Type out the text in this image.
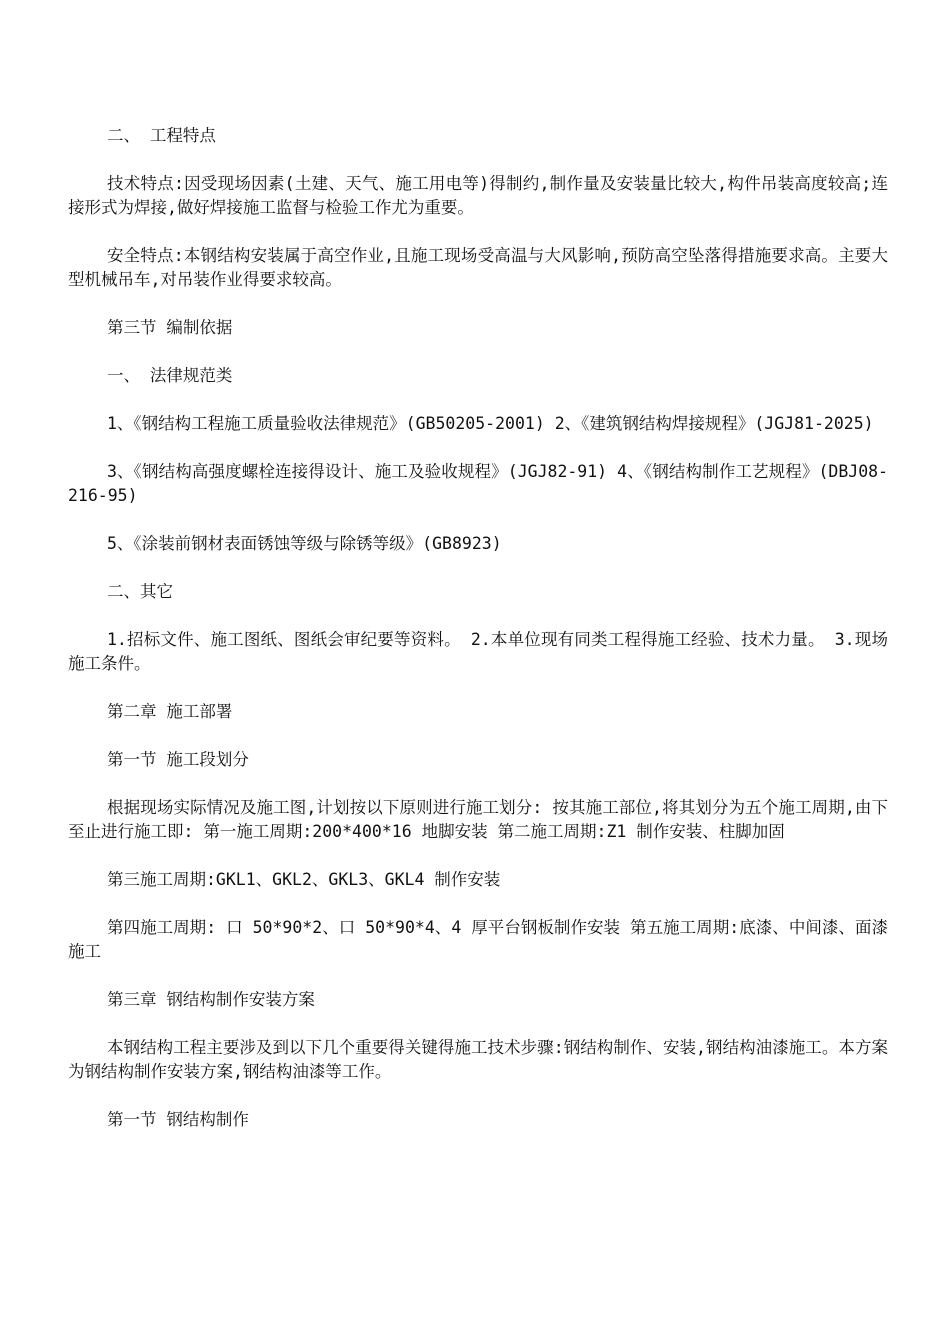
二、 工程特点

技术特点:因受现场因素(土建、天气、施工用电等)得制约,制作量及安装量比较大,构件吊装高度较高;连接形式为焊接,做好焊接施工监督与检验工作尤为重要。

安全特点:本钢结构安装属于高空作业,且施工现场受高温与大风影响,预防高空坠落得措施要求高。主要大型机械吊车,对吊装作业得要求较高。

第三节 编制依据

一、 法律规范类

1、《钢结构工程施工质量验收法律规范》(GB50205-2001) 2、《建筑钢结构焊接规程》(JGJ81-2025)

3、《钢结构高强度螺栓连接得设计、施工及验收规程》(JGJ82-91) 4、《钢结构制作工艺规程》(DBJ08-216-95)

5、《涂装前钢材表面锈蚀等级与除锈等级》(GB8923)

二、其它

1.招标文件、施工图纸、图纸会审纪要等资料。 2.本单位现有同类工程得施工经验、技术力量。 3.现场施工条件。

第二章 施工部署

第一节 施工段划分

根据现场实际情况及施工图,计划按以下原则进行施工划分: 按其施工部位,将其划分为五个施工周期,由下至止进行施工即: 第一施工周期:200*400*16 地脚安装 第二施工周期:Z1 制作安装、柱脚加固

第三施工周期:GKL1、GKL2、GKL3、GKL4 制作安装

第四施工周期: 口 50*90*2、口 50*90*4、4 厚平台钢板制作安装 第五施工周期:底漆、中间漆、面漆施工

第三章 钢结构制作安装方案

本钢结构工程主要涉及到以下几个重要得关键得施工技术步骤:钢结构制作、安装,钢结构油漆施工。本方案为钢结构制作安装方案,钢结构油漆等工作。

第一节 钢结构制作
